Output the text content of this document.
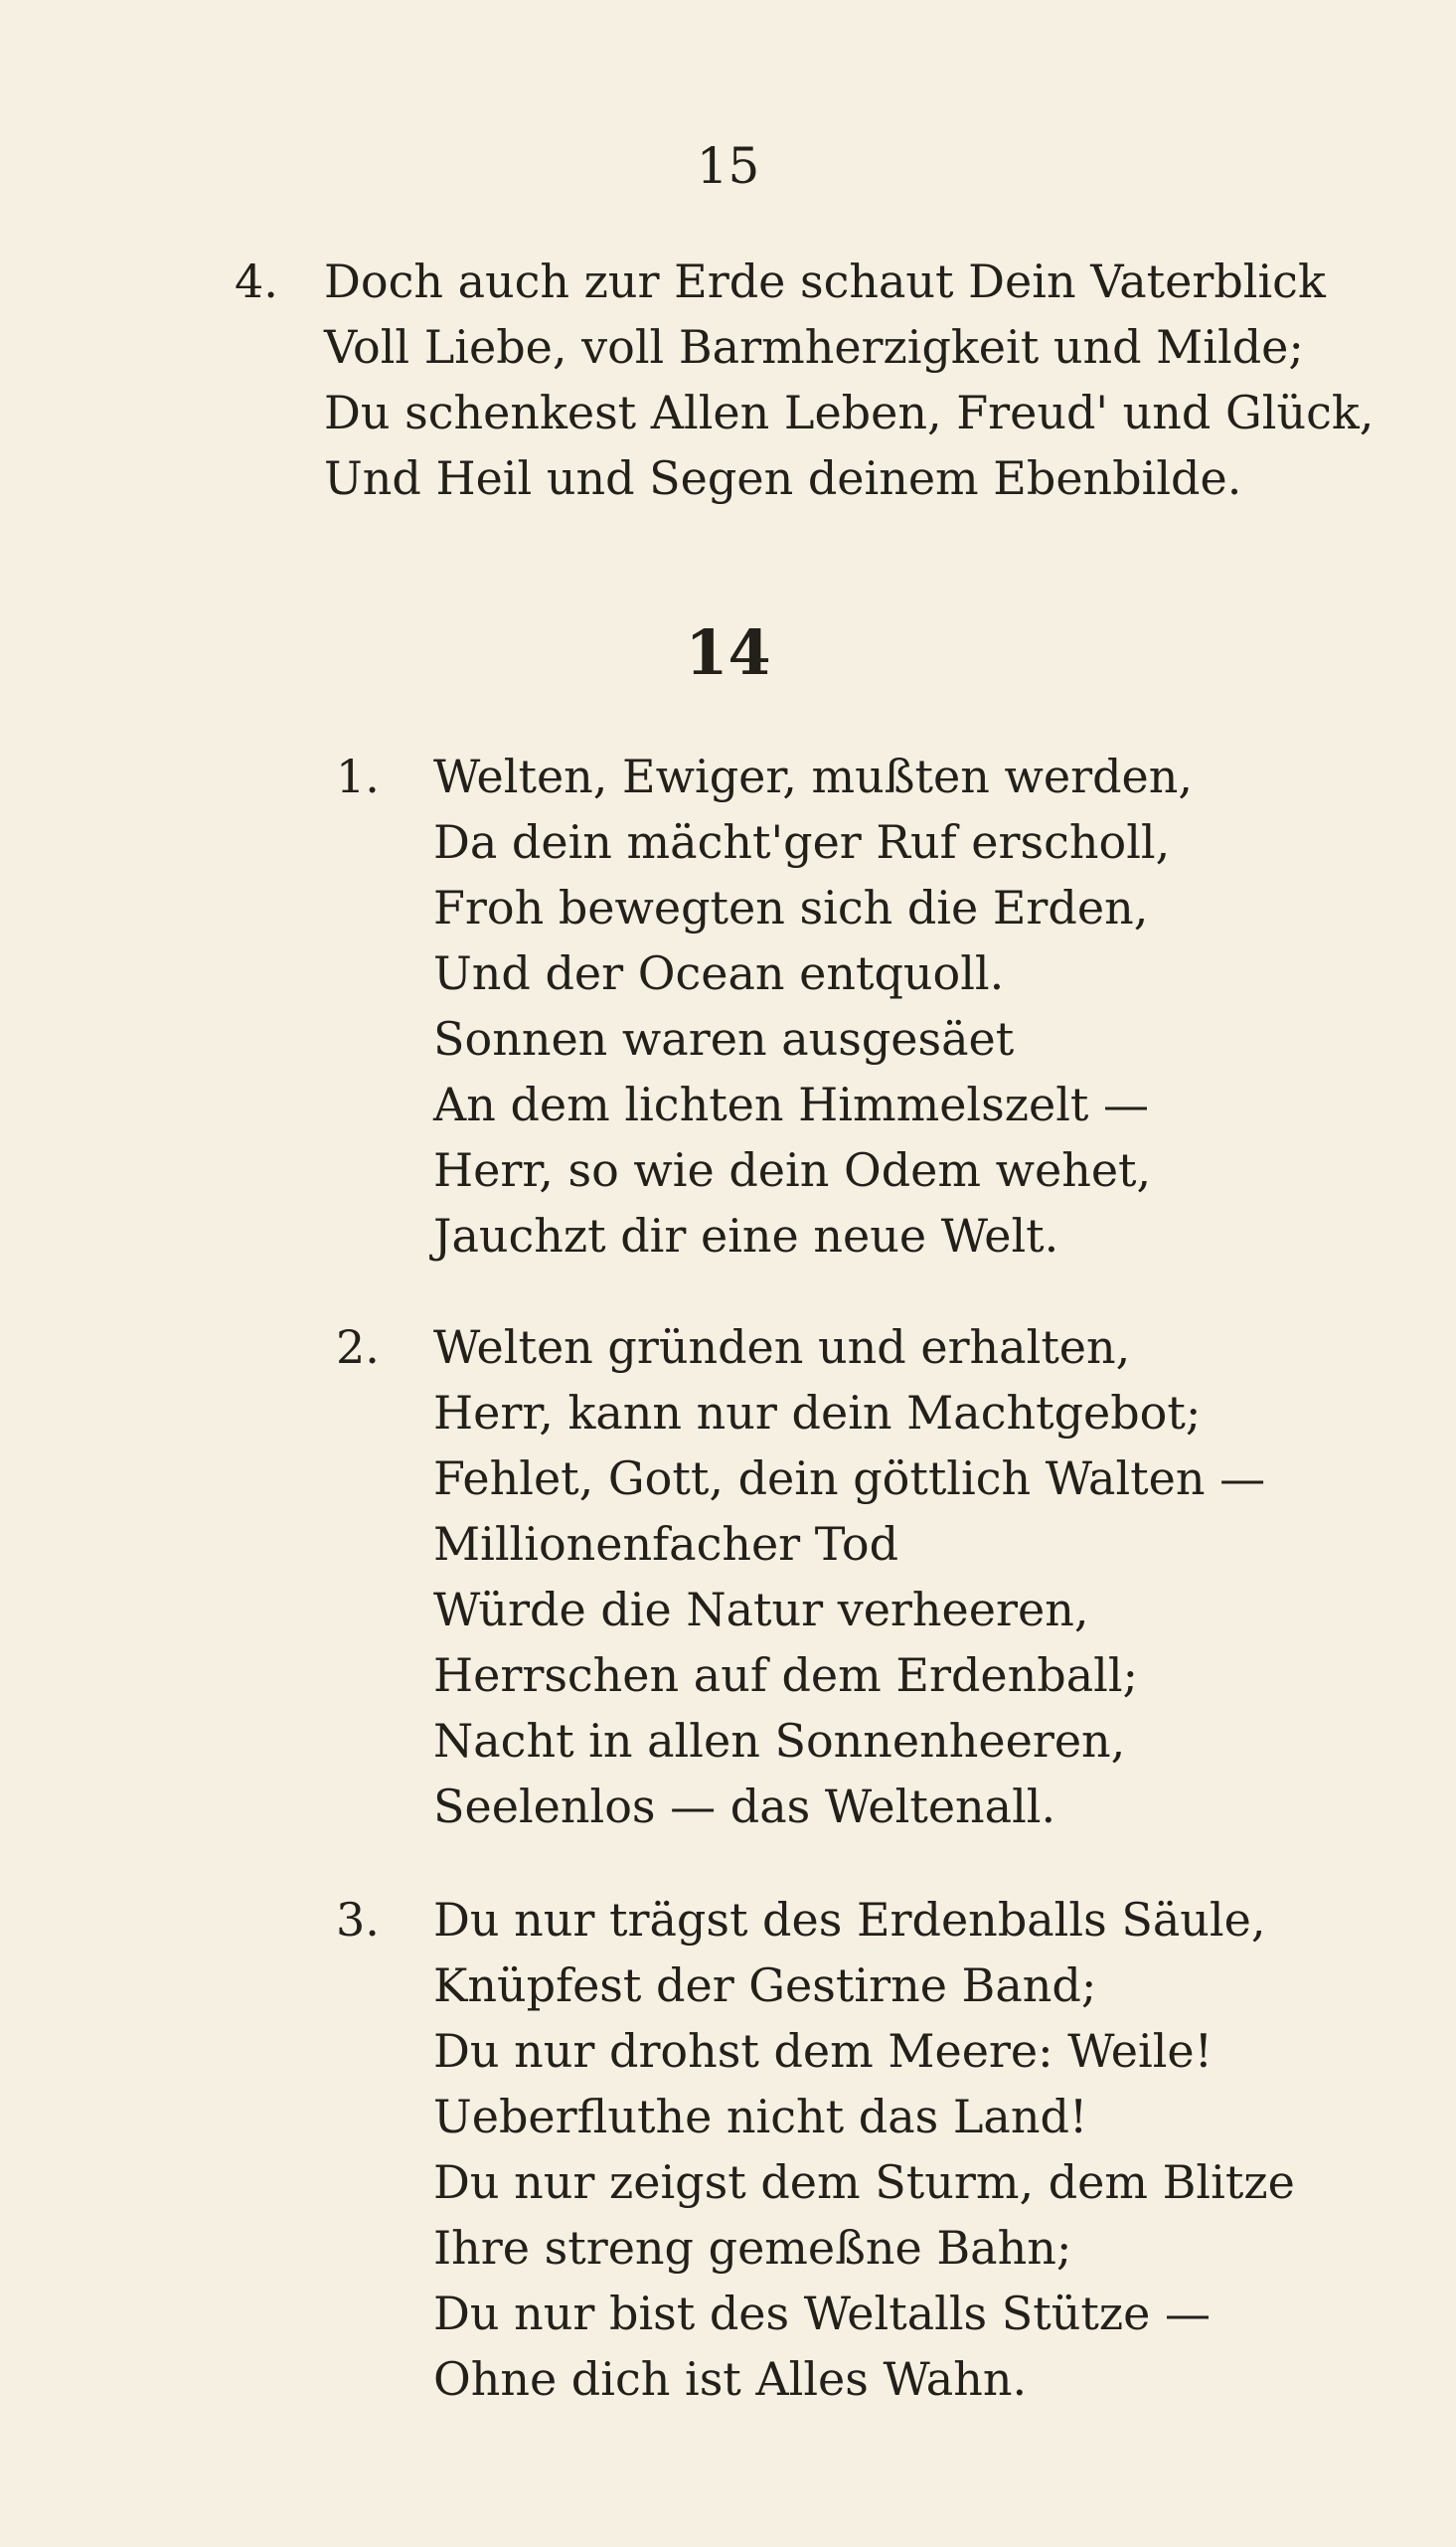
15
4. Doch auch zur Erde schaut Dein Vaterblick
Voll Liebe, voll Barmherzigkeit und Milde;
Du schenkest Allen Leben, Freud' und Glück,
Und Heil und Segen deinem Ebenbilde.
14
1. Welten, Ewiger, mußten werden,
Da dein mächt'ger Ruf erscholl,
Froh bewegten sich die Erden,
Und der Ocean entquoll.
Sonnen waren ausgesäet
An dem lichten Himmelszelt —
Herr, so wie dein Odem wehet,
Jauchzt dir eine neue Welt.
2. Welten gründen und erhalten,
Herr, kann nur dein Machtgebot;
Fehlet, Gott, dein göttlich Walten —
Millionenfacher Tod
Würde die Natur verheeren,
Herrschen auf dem Erdenball;
Nacht in allen Sonnenheeren,
Seelenlos — das Weltenall.
3. Du nur trägst des Erdenballs Säule,
Knüpfest der Gestirne Band;
Du nur drohst dem Meere: Weile!
Ueberfluthe nicht das Land!
Du nur zeigst dem Sturm, dem Blitze
Ihre streng gemeßne Bahn;
Du nur bist des Weltalls Stütze —
Ohne dich ist Alles Wahn.
